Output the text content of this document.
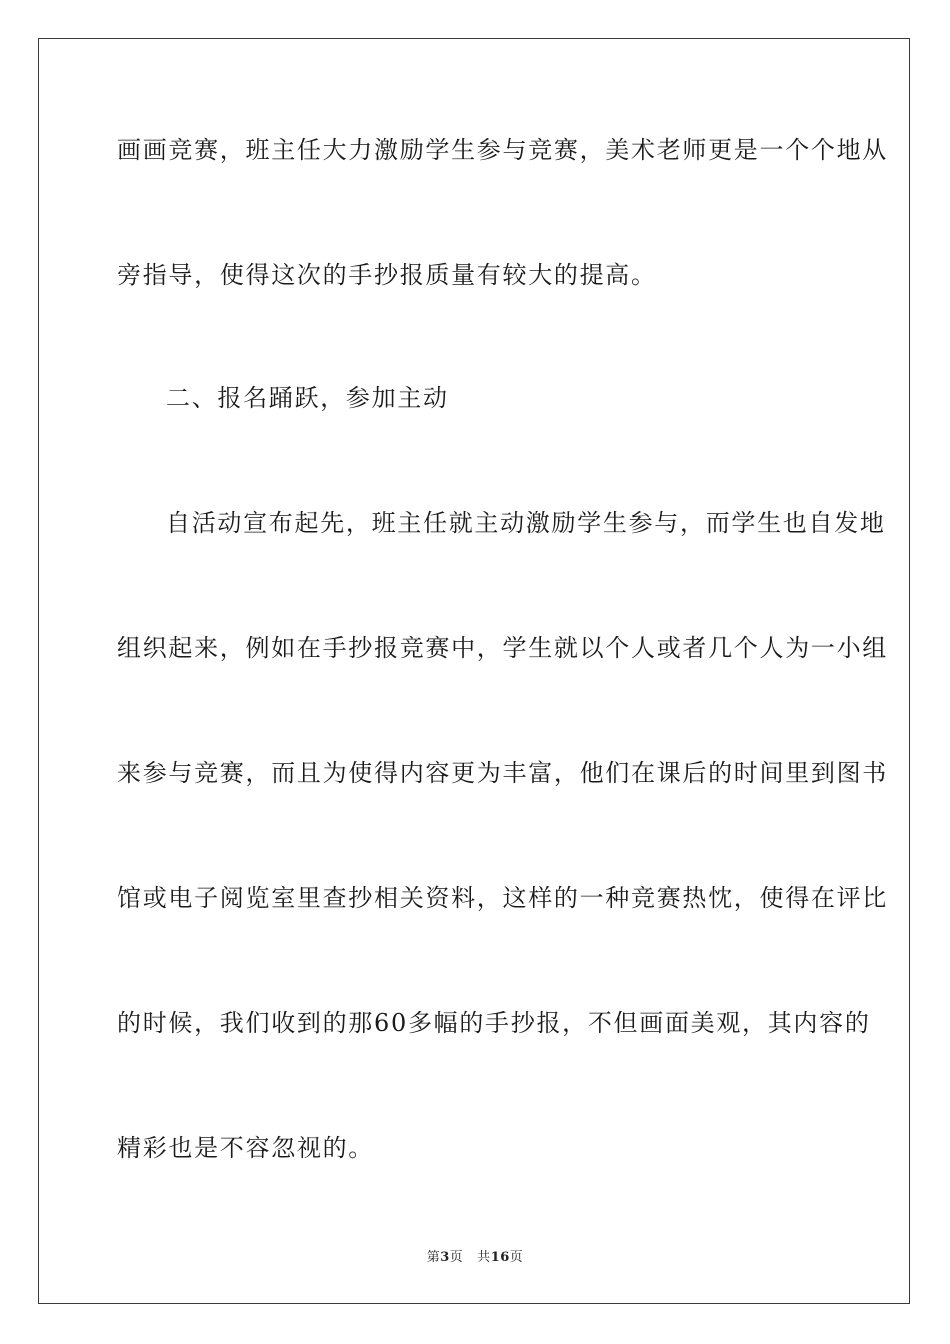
画画竞赛，班主任大力激励学生参与竞赛，美术老师更是一个个地从
旁指导，使得这次的手抄报质量有较大的提高。
二、报名踊跃，参加主动
自活动宣布起先，班主任就主动激励学生参与，而学生也自发地
组织起来，例如在手抄报竞赛中，学生就以个人或者几个人为一小组
来参与竞赛，而且为使得内容更为丰富，他们在课后的时间里到图书
馆或电子阅览室里查抄相关资料，这样的一种竞赛热忱，使得在评比
的时候，我们收到的那60多幅的手抄报，不但画面美观，其内容的
精彩也是不容忽视的。
第3页 共16页
